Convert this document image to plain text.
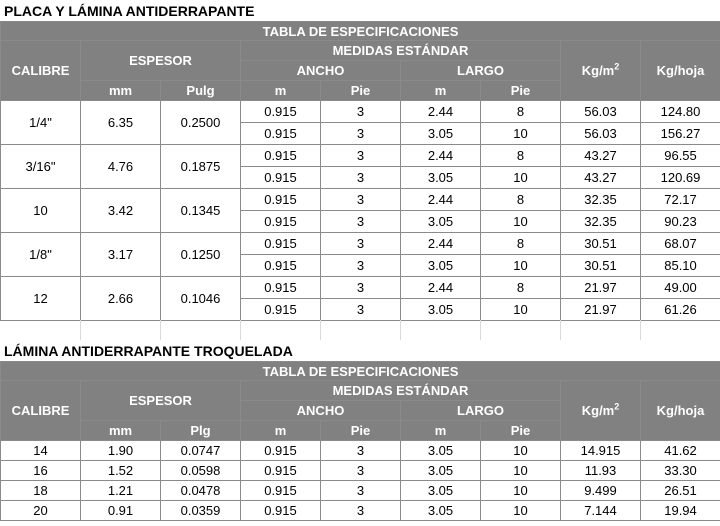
PLACA Y LÁMINA ANTIDERRAPANTE
TABLA DE ESPECIFICACIONES								
CALIBRE	ESPESOR		MEDIDAS ESTÁNDAR				$Kg/m^2$	Kg/hoja
			ANCHO		LARGO			
	mm	Pulg	m	Pie	m	Pie		
1/4"	6.35	0.2500	0.915	3	2.44	8	56.03	124.80
			0.915	3	3.05	10	56.03	156.27
3/16"	4.76	0.1875	0.915	3	2.44	8	43.27	96.55
			0.915	3	3.05	10	43.27	120.69
10	3.42	0.1345	0.915	3	2.44	8	32.35	72.17
			0.915	3	3.05	10	32.35	90.23
1/8"	3.17	0.1250	0.915	3	2.44	8	30.51	68.07
			0.915	3	3.05	10	30.51	85.10
12	2.66	0.1046	0.915	3	2.44	8	21.97	49.00
			0.915	3	3.05	10	21.97	61.26
LÁMINA ANTIDERRAPANTE TROQUELADA
TABLA DE ESPECIFICACIONES								
CALIBRE	ESPESOR		MEDIDAS ESTÁNDAR				$Kg/m^2$	Kg/hoja
			ANCHO		LARGO			
	mm	Plg	m	Pie	m	Pie		
14	1.90	0.0747	0.915	3	3.05	10	14.915	41.62
16	1.52	0.0598	0.915	3	3.05	10	11.93	33.30
18	1.21	0.0478	0.915	3	3.05	10	9.499	26.51
20	0.91	0.0359	0.915	3	3.05	10	7.144	19.94
